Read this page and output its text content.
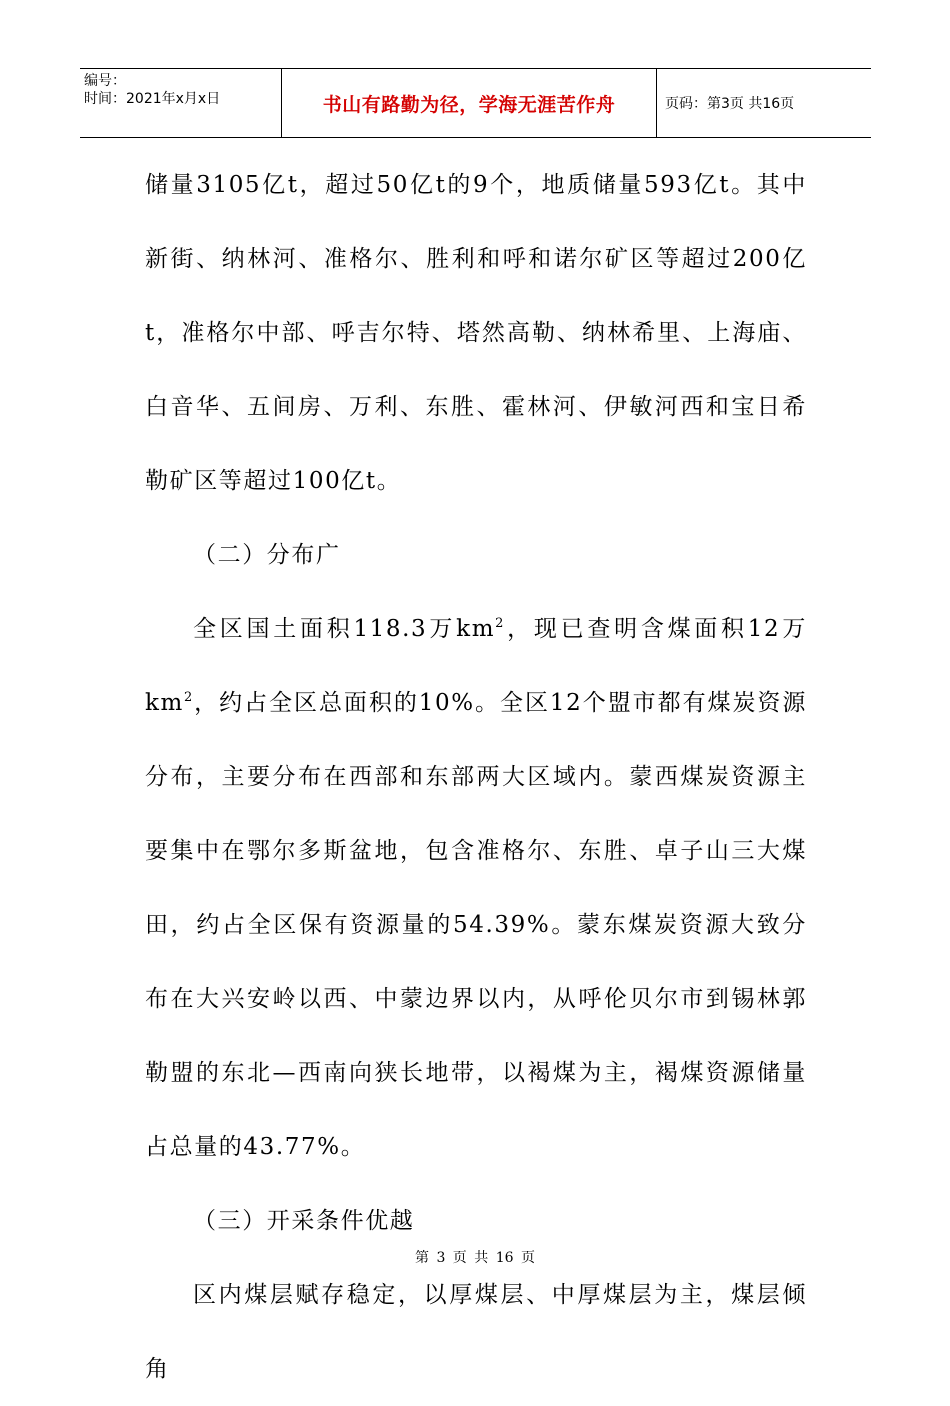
编号：
时间：2021年x月x日	书山有路勤为径，学海无涯苦作舟	页码：第3页 共16页

储量3105亿t，超过50亿t的9个，地质储量593亿t。其中新街、纳林河、准格尔、胜利和呼和诺尔矿区等超过200亿t，准格尔中部、呼吉尔特、塔然高勒、纳林希里、上海庙、白音华、五间房、万利、东胜、霍林河、伊敏河西和宝日希勒矿区等超过100亿t。

（二）分布广

全区国土面积118.3万$km^2$，现已查明含煤面积12万$km^2$，约占全区总面积的10%。全区12个盟市都有煤炭资源分布，主要分布在西部和东部两大区域内。蒙西煤炭资源主要集中在鄂尔多斯盆地，包含准格尔、东胜、卓子山三大煤田，约占全区保有资源量的54.39%。蒙东煤炭资源大致分布在大兴安岭以西、中蒙边界以内，从呼伦贝尔市到锡林郭勒盟的东北—西南向狭长地带，以褐煤为主，褐煤资源储量占总量的43.77%。

（三）开采条件优越

区内煤层赋存稳定，以厚煤层、中厚煤层为主，煤层倾角

第 3 页 共 16 页
